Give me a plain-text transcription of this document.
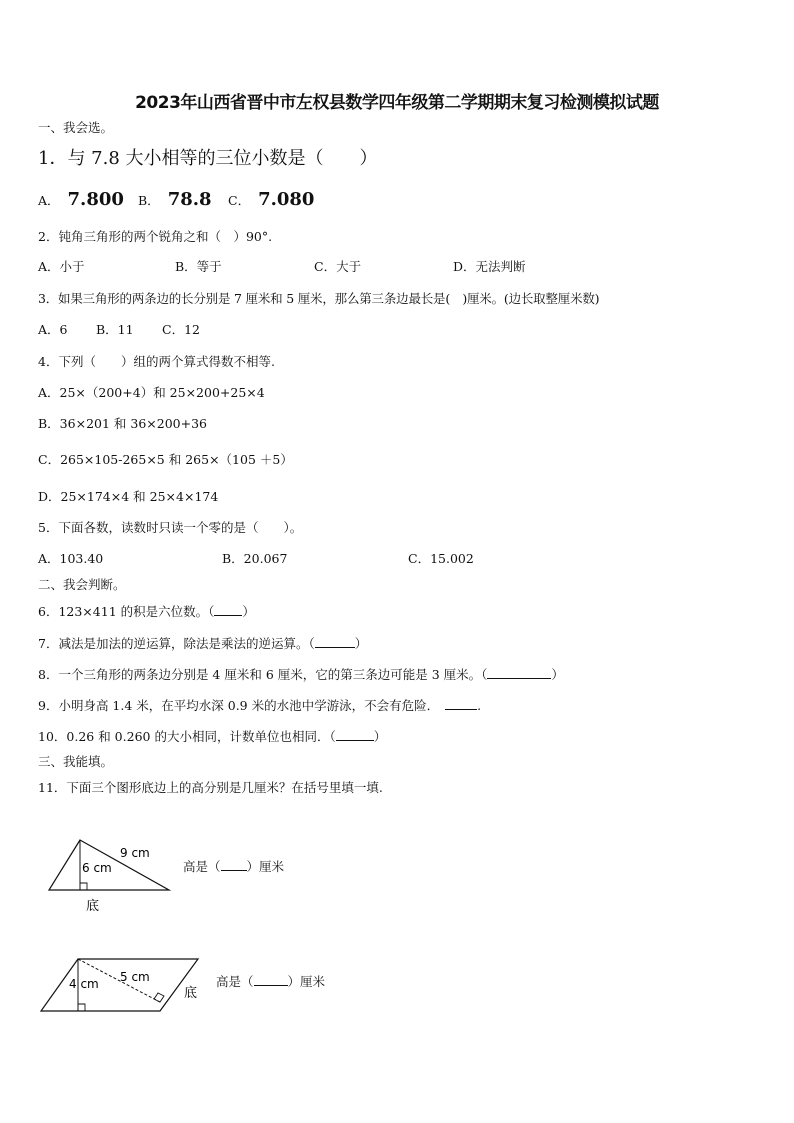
2023年山西省晋中市左权县数学四年级第二学期期末复习检测模拟试题
一、我会选。
1．与 7.8 大小相等的三位小数是（　　）
A． 7.800 B． 78.8 C． 7.080
2．钝角三角形的两个锐角之和（　）90°.
A．小于	B．等于	C．大于	D．无法判断
3．如果三角形的两条边的长分别是 7 厘米和 5 厘米，那么第三条边最长是(　)厘米。(边长取整厘米数)
A．6 B．11 C．12
4．下列（　　）组的两个算式得数不相等.
A．25×（200+4）和 25×200+25×4
B．36×201 和 36×200+36
C．265×105-265×5 和 265×（105 ＋5）
D．25×174×4 和 25×4×174
5．下面各数，读数时只读一个零的是（　　）。
A．103.40	B．20.067	C．15.002
二、我会判断。
6．123×411 的积是六位数。（ ）
7．减法是加法的逆运算，除法是乘法的逆运算。（	）
8．一个三角形的两条边分别是 4 厘米和 6 厘米，它的第三条边可能是 3 厘米。（	）
9．小明身高 1.4 米，在平均水深 0.9 米的水池中学游泳，不会有危险．	.
10．0.26 和 0.260 的大小相同，计数单位也相同．（	）
三、我能填。
11．下面三个图形底边上的高分别是几厘米？在括号里填一填.
6 cm
9 cm
底
高是（ ）厘米
4 cm 5 cm
底
高是（	）厘米
